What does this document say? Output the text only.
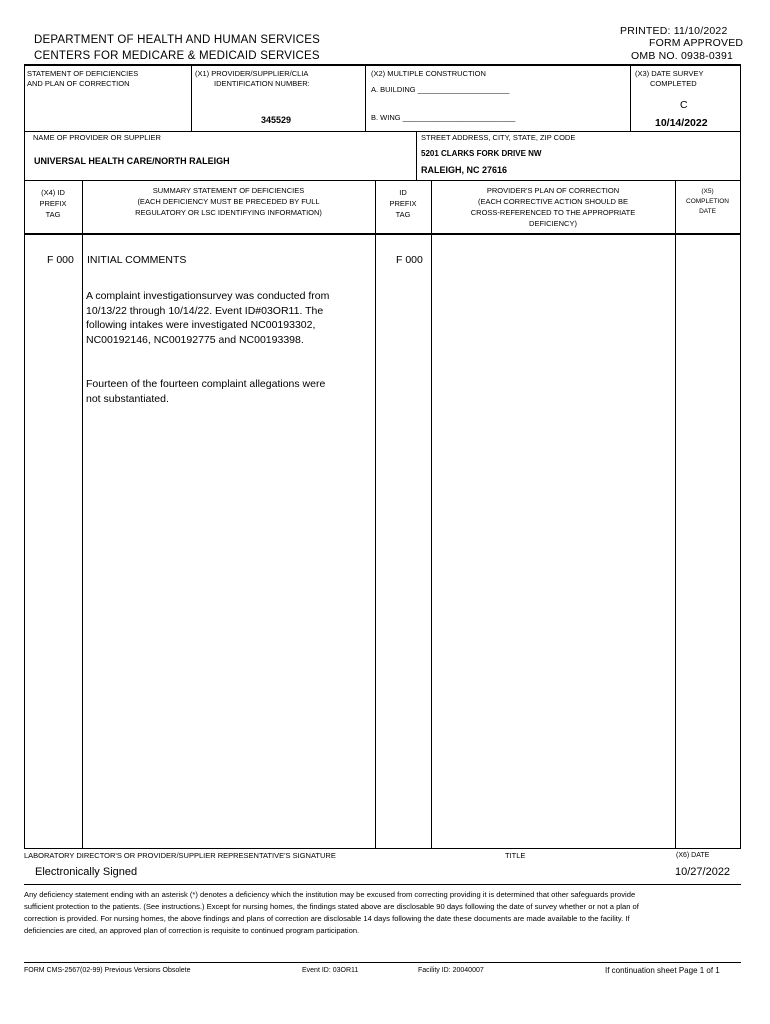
PRINTED: 11/10/2022
DEPARTMENT OF HEALTH AND HUMAN SERVICES	FORM APPROVED
CENTERS FOR MEDICARE & MEDICAID SERVICES	OMB NO. 0938-0391
STATEMENT OF DEFICIENCIES
AND PLAN OF CORRECTION
(X1) PROVIDER/SUPPLIER/CLIA
IDENTIFICATION NUMBER:
345529
(X2) MULTIPLE CONSTRUCTION
A. BUILDING ______________________
B. WING ___________________________
(X3) DATE SURVEY
COMPLETED
C
10/14/2022
NAME OF PROVIDER OR SUPPLIER
UNIVERSAL HEALTH CARE/NORTH RALEIGH
STREET ADDRESS, CITY, STATE, ZIP CODE
5201 CLARKS FORK DRIVE NW
RALEIGH, NC 27616
(X4) ID
PREFIX
TAG
SUMMARY STATEMENT OF DEFICIENCIES
(EACH DEFICIENCY MUST BE PRECEDED BY FULL
REGULATORY OR LSC IDENTIFYING INFORMATION)
ID
PREFIX
TAG
PROVIDER'S PLAN OF CORRECTION
(EACH CORRECTIVE ACTION SHOULD BE
CROSS-REFERENCED TO THE APPROPRIATE
DEFICIENCY)
(X5)
COMPLETION
DATE
F 000 INITIAL COMMENTS	F 000
A complaint investigationsurvey was conducted from 10/13/22 through 10/14/22. Event ID#03OR11. The following intakes were investigated NC00193302, NC00192146, NC00192775 and NC00193398.
Fourteen of the fourteen complaint allegations were not substantiated.
LABORATORY DIRECTOR'S OR PROVIDER/SUPPLIER REPRESENTATIVE'S SIGNATURE	TITLE	(X6) DATE
Electronically Signed	10/27/2022
Any deficiency statement ending with an asterisk (*) denotes a deficiency which the institution may be excused from correcting providing it is determined that other safeguards provide sufficient protection to the patients. (See instructions.) Except for nursing homes, the findings stated above are disclosable 90 days following the date of survey whether or not a plan of correction is provided. For nursing homes, the above findings and plans of correction are disclosable 14 days following the date these documents are made available to the facility. If deficiencies are cited, an approved plan of correction is requisite to continued program participation.
FORM CMS-2567(02-99) Previous Versions Obsolete	Event ID: 03OR11	Facility ID: 20040007	If continuation sheet Page 1 of 1
